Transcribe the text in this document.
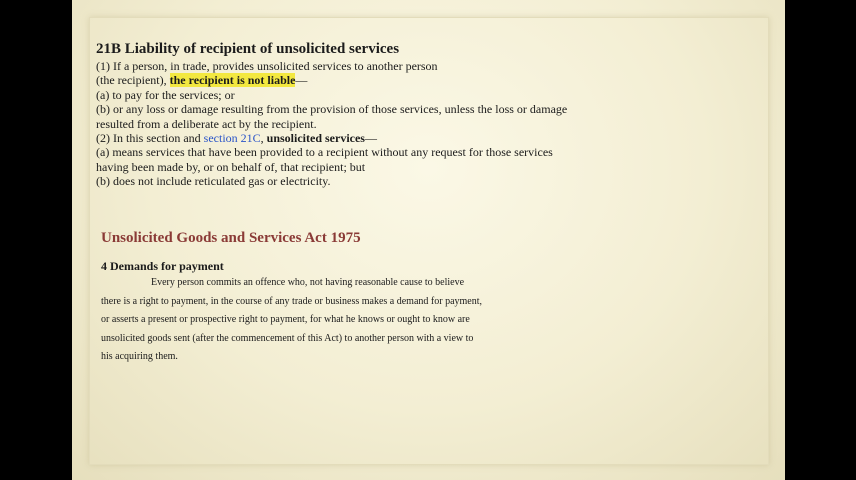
21B Liability of recipient of unsolicited services

(1) If a person, in trade, provides unsolicited services to another person

(the recipient), the recipient is not liable—

(a) to pay for the services; or

(b) or any loss or damage resulting from the provision of those services, unless the loss or damage

resulted from a deliberate act by the recipient.

(2) In this section and section 21C, unsolicited services—

(a) means services that have been provided to a recipient without any request for those services

having been made by, or on behalf of, that recipient; but

(b) does not include reticulated gas or electricity.

Unsolicited Goods and Services Act 1975

4 Demands for payment

Every person commits an offence who, not having reasonable cause to believe

there is a right to payment, in the course of any trade or business makes a demand for payment,

or asserts a present or prospective right to payment, for what he knows or ought to know are

unsolicited goods sent (after the commencement of this Act) to another person with a view to

his acquiring them.
